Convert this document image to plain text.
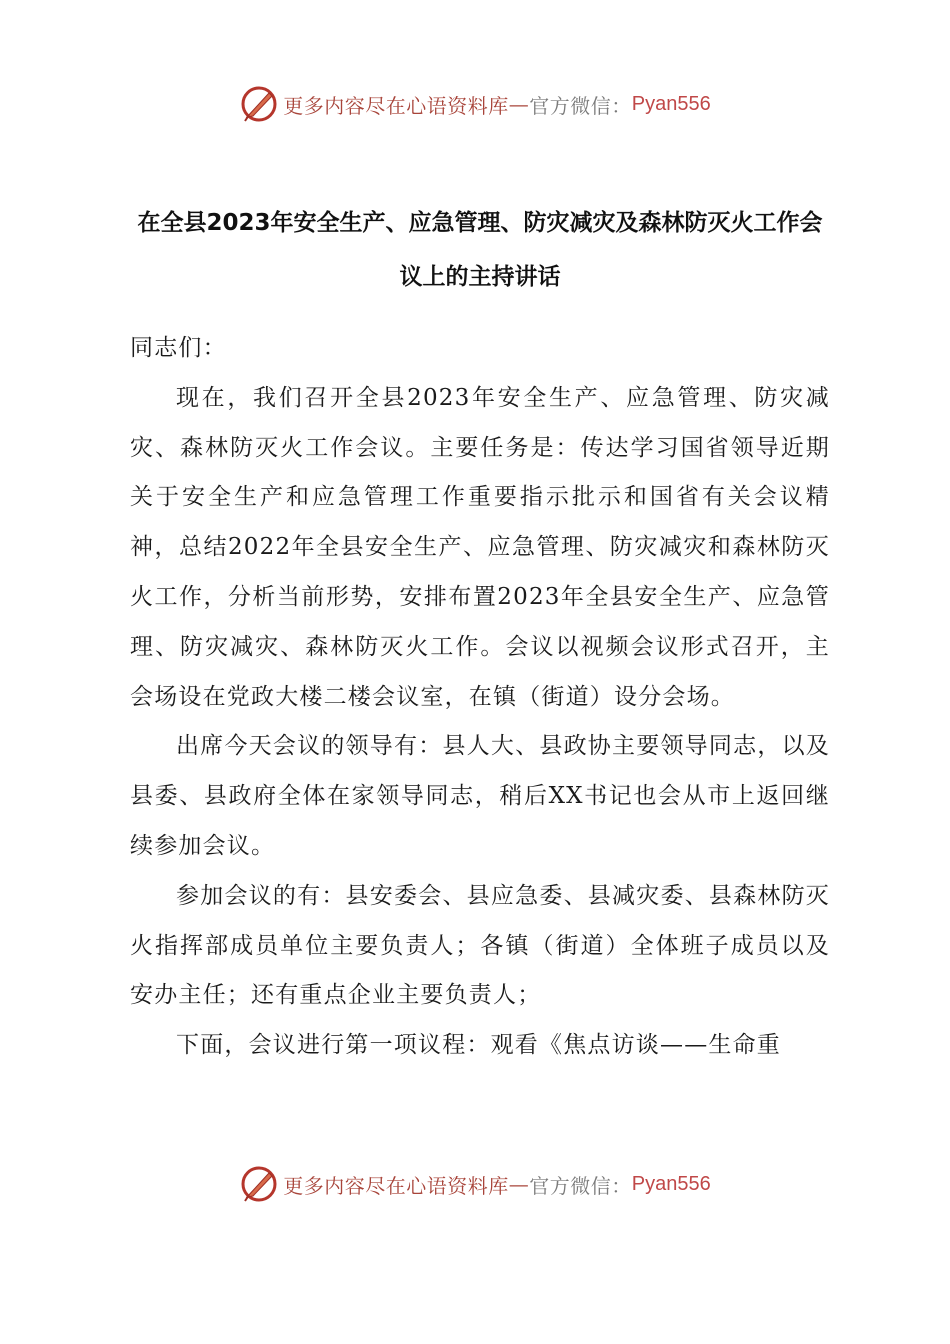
更多内容尽在心语资料库 — 官方微信： Pyan556
在全县2023年安全生产、应急管理、防灾减灾及森林防灭火工作会议上的主持讲话

同志们：

现在，我们召开全县2023年安全生产、应急管理、防灾减灾、森林防灭火工作会议。主要任务是：传达学习国省领导近期关于安全生产和应急管理工作重要指示批示和国省有关会议精神，总结2022年全县安全生产、应急管理、防灾减灾和森林防灭火工作，分析当前形势，安排布置2023年全县安全生产、应急管理、防灾减灾、森林防灭火工作。会议以视频会议形式召开，主会场设在党政大楼二楼会议室，在镇（街道）设分会场。

出席今天会议的领导有：县人大、县政协主要领导同志，以及县委、县政府全体在家领导同志，稍后XX书记也会从市上返回继续参加会议。

参加会议的有：县安委会、县应急委、县减灾委、县森林防灭火指挥部成员单位主要负责人；各镇（街道）全体班子成员以及安办主任；还有重点企业主要负责人；

下面，会议进行第一项议程：观看《焦点访谈——生命重

更多内容尽在心语资料库 — 官方微信： Pyan556
